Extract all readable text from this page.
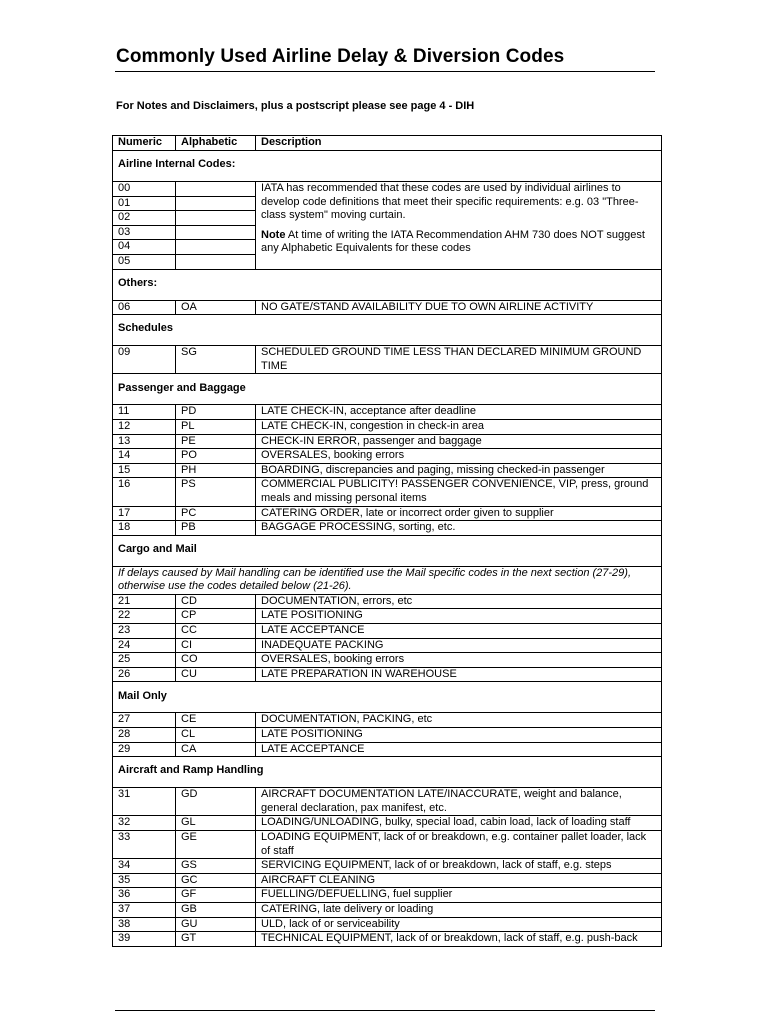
Commonly Used Airline Delay & Diversion Codes

For Notes and Disclaimers, plus a postscript please see page 4 - DIH

Numeric	Alphabetic	Description
Airline Internal Codes:		
00		IATA has recommended that these codes are used by individual airlines to develop code definitions that meet their specific requirements: e.g. 03 "Three-class system" moving curtain.
Note At time of writing the IATA Recommendation AHM 730 does NOT suggest any Alphabetic Equivalents for these codes
01		
02		
03		
04		
05		
Others:		
06	OA	NO GATE/STAND AVAILABILITY DUE TO OWN AIRLINE ACTIVITY
Schedules		
09	SG	SCHEDULED GROUND TIME LESS THAN DECLARED MINIMUM GROUND TIME
Passenger and Baggage		
11	PD	LATE CHECK-IN, acceptance after deadline
12	PL	LATE CHECK-IN, congestion in check-in area
13	PE	CHECK-IN ERROR, passenger and baggage
14	PO	OVERSALES, booking errors
15	PH	BOARDING, discrepancies and paging, missing checked-in passenger
16	PS	COMMERCIAL PUBLICITY! PASSENGER CONVENIENCE, VIP, press, ground meals and missing personal items
17	PC	CATERING ORDER, late or incorrect order given to supplier
18	PB	BAGGAGE PROCESSING, sorting, etc.
Cargo and Mail		
If delays caused by Mail handling can be identified use the Mail specific codes in the next section (27-29), otherwise use the codes detailed below (21-26).		
21	CD	DOCUMENTATION, errors, etc
22	CP	LATE POSITIONING
23	CC	LATE ACCEPTANCE
24	CI	INADEQUATE PACKING
25	CO	OVERSALES, booking errors
26	CU	LATE PREPARATION IN WAREHOUSE
Mail Only		
27	CE	DOCUMENTATION, PACKING, etc
28	CL	LATE POSITIONING
29	CA	LATE ACCEPTANCE
Aircraft and Ramp Handling		
31	GD	AIRCRAFT DOCUMENTATION LATE/INACCURATE, weight and balance, general declaration, pax manifest, etc.
32	GL	LOADING/UNLOADING, bulky, special load, cabin load, lack of loading staff
33	GE	LOADING EQUIPMENT, lack of or breakdown, e.g. container pallet loader, lack of staff
34	GS	SERVICING EQUIPMENT, lack of or breakdown, lack of staff, e.g. steps
35	GC	AIRCRAFT CLEANING
36	GF	FUELLING/DEFUELLING, fuel supplier
37	GB	CATERING, late delivery or loading
38	GU	ULD, lack of or serviceability
39	GT	TECHNICAL EQUIPMENT, lack of or breakdown, lack of staff, e.g. push-back
